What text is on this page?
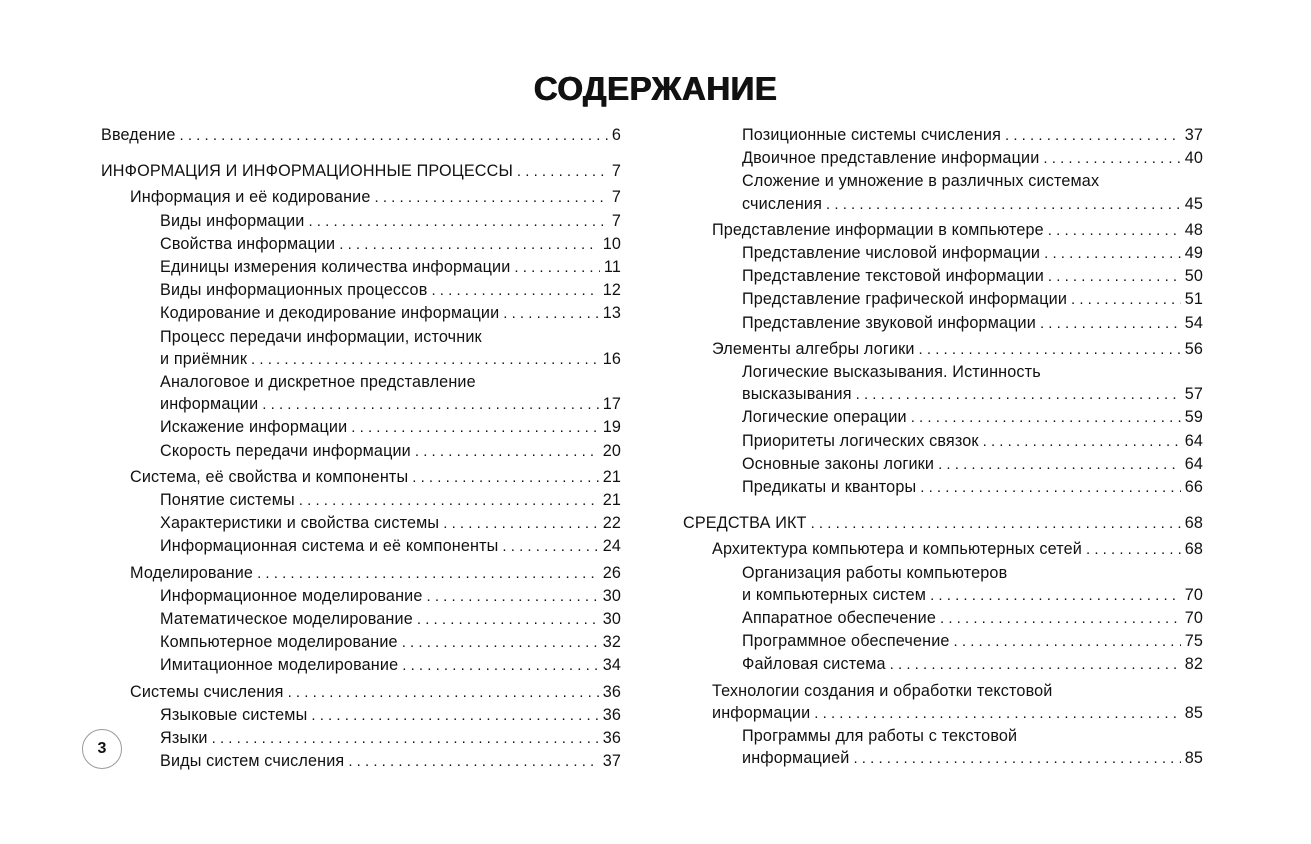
СОДЕРЖАНИЕ
Введение . . .	6
ИНФОРМАЦИЯ И ИНФОРМАЦИОННЫЕ ПРОЦЕССЫ . . .	7
Информация и её кодирование . . .	7
Виды информации . . .	7
Свойства информации . . .	10
Единицы измерения количества информации . . .	11
Виды информационных процессов . . .	12
Кодирование и декодирование информации . . .	13
Процесс передачи информации, источник
и приёмник . . .	16
Аналоговое и дискретное представление
информации . . .	17
Искажение информации . . .	19
Скорость передачи информации . . .	20
Система, её свойства и компоненты . . .	21
Понятие системы . . .	21
Характеристики и свойства системы . . .	22
Информационная система и её компоненты . . .	24
Моделирование . . .	26
Информационное моделирование . . .	30
Математическое моделирование . . .	30
Компьютерное моделирование . . .	32
Имитационное моделирование . . .	34
Системы счисления . . .	36
Языковые системы . . .	36
Языки . . .	36
Виды систем счисления . . .	37
Позиционные системы счисления . . .	37
Двоичное представление информации . . .	40
Сложение и умножение в различных системах
счисления . . .	45
Представление информации в компьютере . . .	48
Представление числовой информации . . .	49
Представление текстовой информации . . .	50
Представление графической информации . . .	51
Представление звуковой информации . . .	54
Элементы алгебры логики . . .	56
Логические высказывания. Истинность
высказывания . . .	57
Логические операции . . .	59
Приоритеты логических связок . . .	64
Основные законы логики . . .	64
Предикаты и кванторы . . .	66
СРЕДСТВА ИКТ . . .	68
Архитектура компьютера и компьютерных сетей . . .	68
Организация работы компьютеров
и компьютерных систем . . .	70
Аппаратное обеспечение . . .	70
Программное обеспечение . . .	75
Файловая система . . .	82
Технологии создания и обработки текстовой
информации . . .	85
Программы для работы с текстовой
информацией . . .	85
3
